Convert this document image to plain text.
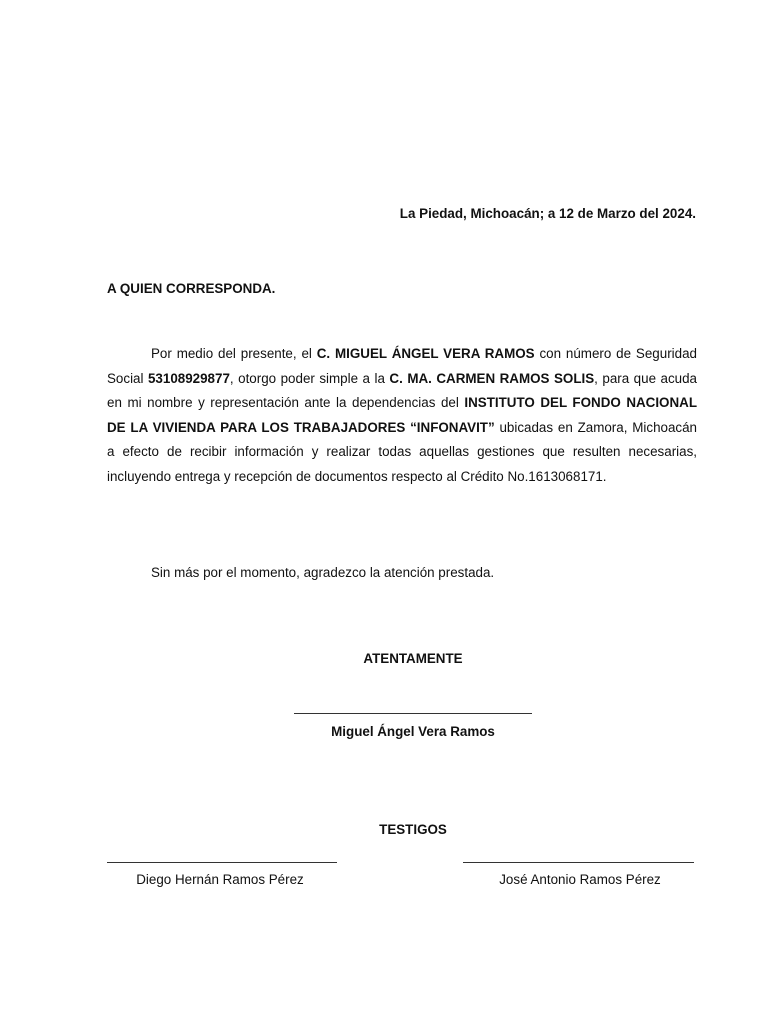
La Piedad, Michoacán; a 12 de Marzo del 2024.
A QUIEN CORRESPONDA.
Por medio del presente, el C. MIGUEL ÁNGEL VERA RAMOS con número de Seguridad Social 53108929877, otorgo poder simple a la C. MA. CARMEN RAMOS SOLIS, para que acuda en mi nombre y representación ante la dependencias del INSTITUTO DEL FONDO NACIONAL DE LA VIVIENDA PARA LOS TRABAJADORES “INFONAVIT” ubicadas en Zamora, Michoacán a efecto de recibir información y realizar todas aquellas gestiones que resulten necesarias, incluyendo entrega y recepción de documentos respecto al Crédito No.1613068171.
Sin más por el momento, agradezco la atención prestada.
ATENTAMENTE
Miguel Ángel Vera Ramos
TESTIGOS
Diego Hernán Ramos Pérez	José Antonio Ramos Pérez
